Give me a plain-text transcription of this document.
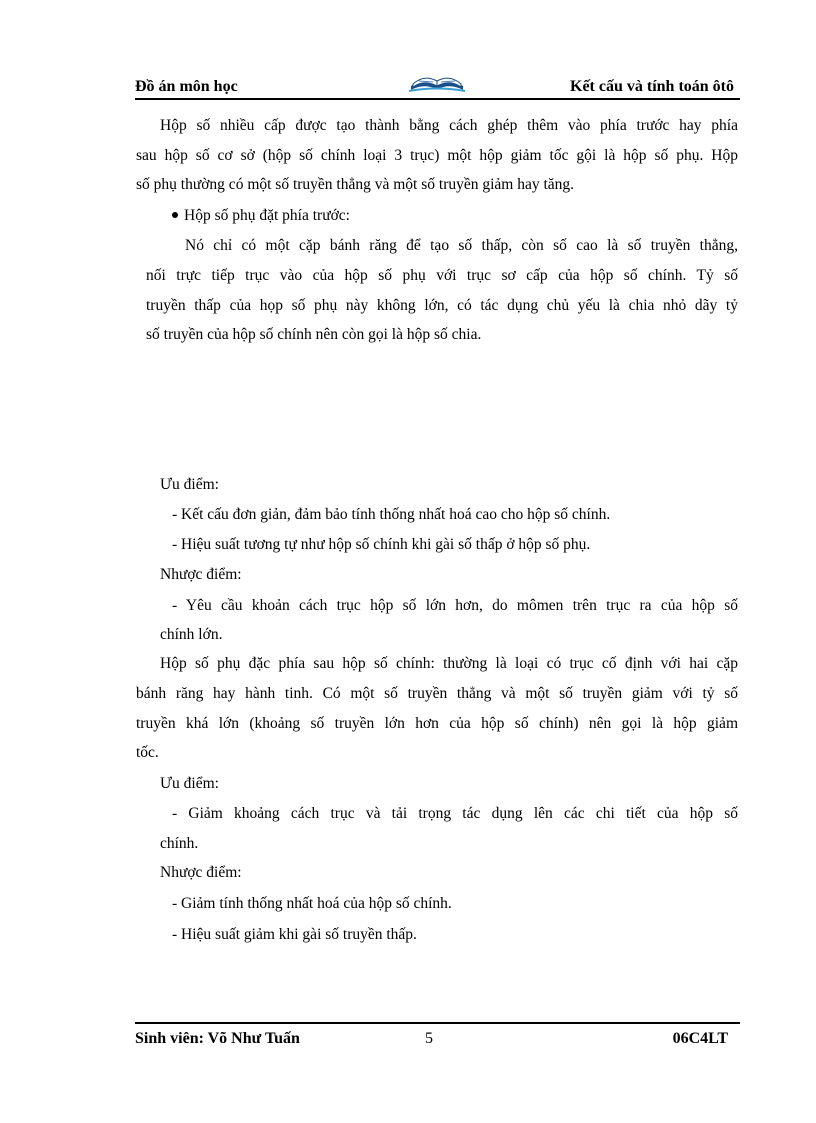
Đồ án môn học	Kết cấu và tính toán ôtô
Hộp số nhiều cấp được tạo thành bằng cách ghép thêm vào phía trước hay phía
sau hộp số cơ sở (hộp số chính loại 3 trục) một hộp giảm tốc gội là hộp số phụ. Hộp
số phụ thường có một số truyền thẳng và một số truyền giảm hay tăng.
Hộp số phụ đặt phía trước:
Nó chỉ có một cặp bánh răng để tạo số thấp, còn số cao là số truyền thẳng,
nối trực tiếp trục vào của hộp số phụ với trục sơ cấp của hộp số chính. Tỷ số
truyền thấp của họp số phụ này không lớn, có tác dụng chủ yếu là chia nhỏ dãy tỷ
số truyền của hộp số chính nên còn gọi là hộp số chia.
Ưu điểm:
- Kết cấu đơn giản, đảm bảo tính thống nhất hoá cao cho hộp số chính.
- Hiệu suất tương tự như hộp số chính khi gài số thấp ở hộp số phụ.
Nhược điểm:
- Yêu cầu khoản cách trục hộp số lớn hơn, do mômen trên trục ra của hộp số
chính lớn.
Hộp số phụ đặc phía sau hộp số chính: thường là loại có trục cố định với hai cặp
bánh răng hay hành tinh. Có một số truyền thẳng và một số truyền giảm với tỷ số
truyền khá lớn (khoảng số truyền lớn hơn của hộp số chính) nên gọi là hộp giảm
tốc.
Ưu điểm:
- Giảm khoảng cách trục và tải trọng tác dụng lên các chi tiết của hộp số
chính.
Nhược điểm:
- Giảm tính thống nhất hoá của hộp số chính.
- Hiệu suất giảm khi gài số truyền thấp.
Sinh viên: Võ Như Tuấn	5	06C4LT
